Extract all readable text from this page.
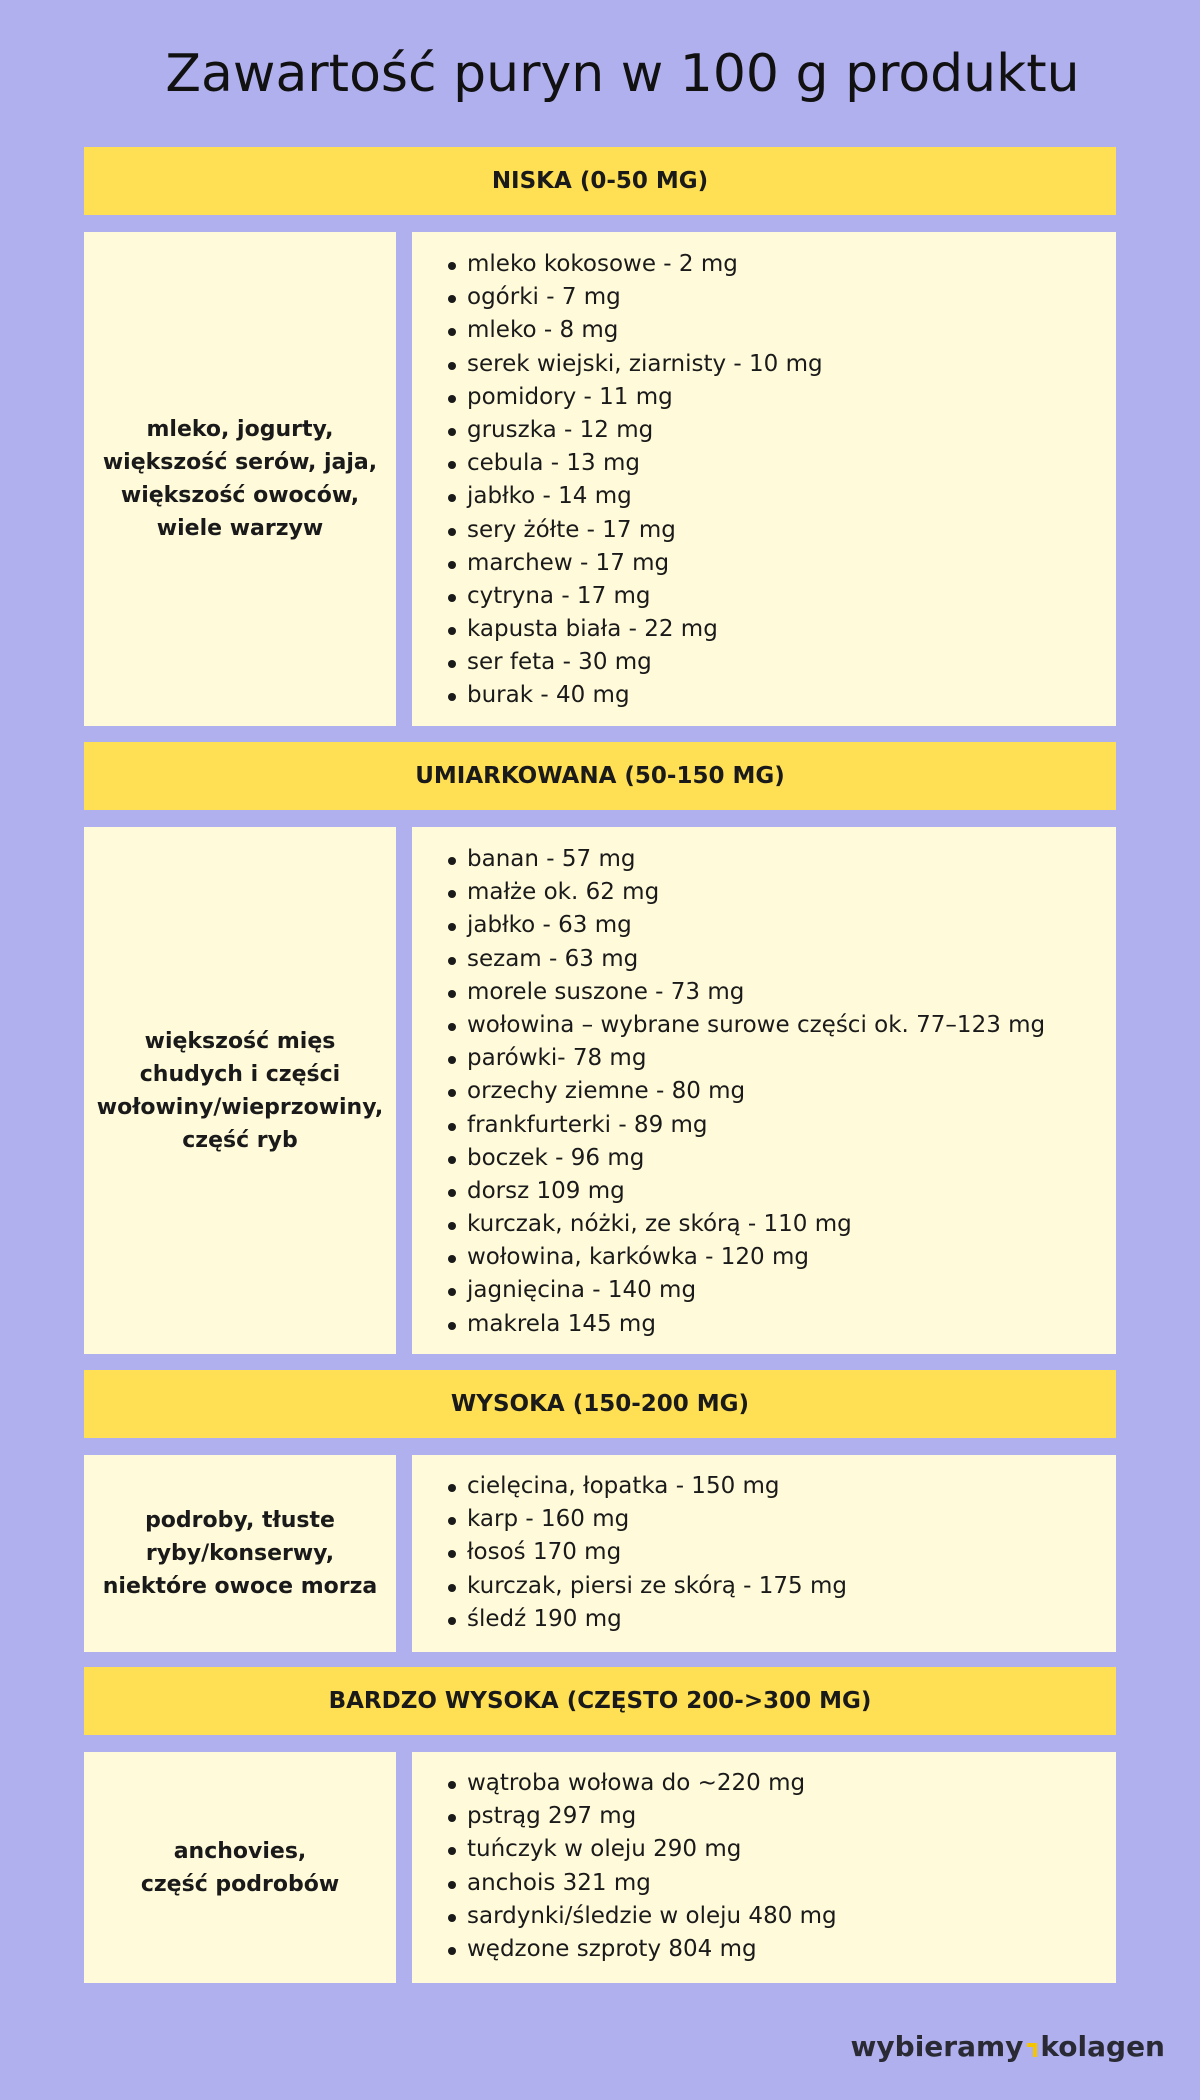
Zawartość puryn w 100 g produktu
NISKA (0-50 MG)
mleko, jogurty,
większość serów, jaja,
większość owoców,
wiele warzyw
mleko kokosowe - 2 mg
ogórki - 7 mg
mleko - 8 mg
serek wiejski, ziarnisty - 10 mg
pomidory - 11 mg
gruszka - 12 mg
cebula - 13 mg
jabłko - 14 mg
sery żółte - 17 mg
marchew - 17 mg
cytryna - 17 mg
kapusta biała - 22 mg
ser feta - 30 mg
burak - 40 mg
UMIARKOWANA (50-150 MG)
większość mięs
chudych i części
wołowiny/wieprzowiny,
część ryb
banan - 57 mg
małże ok. 62 mg
jabłko - 63 mg
sezam - 63 mg
morele suszone - 73 mg
wołowina – wybrane surowe części ok. 77–123 mg
parówki- 78 mg
orzechy ziemne - 80 mg
frankfurterki - 89 mg
boczek - 96 mg
dorsz 109 mg
kurczak, nóżki, ze skórą - 110 mg
wołowina, karkówka - 120 mg
jagnięcina - 140 mg
makrela 145 mg
WYSOKA (150-200 MG)
podroby, tłuste
ryby/konserwy,
niektóre owoce morza
cielęcina, łopatka - 150 mg
karp - 160 mg
łosoś 170 mg
kurczak, piersi ze skórą - 175 mg
śledź 190 mg
BARDZO WYSOKA (CZĘSTO 200->300 MG)
anchovies,
część podrobów
wątroba wołowa do ~220 mg
pstrąg 297 mg
tuńczyk w oleju 290 mg
anchois 321 mg
sardynki/śledzie w oleju 480 mg
wędzone szproty 804 mg
wybieramy kolagen
